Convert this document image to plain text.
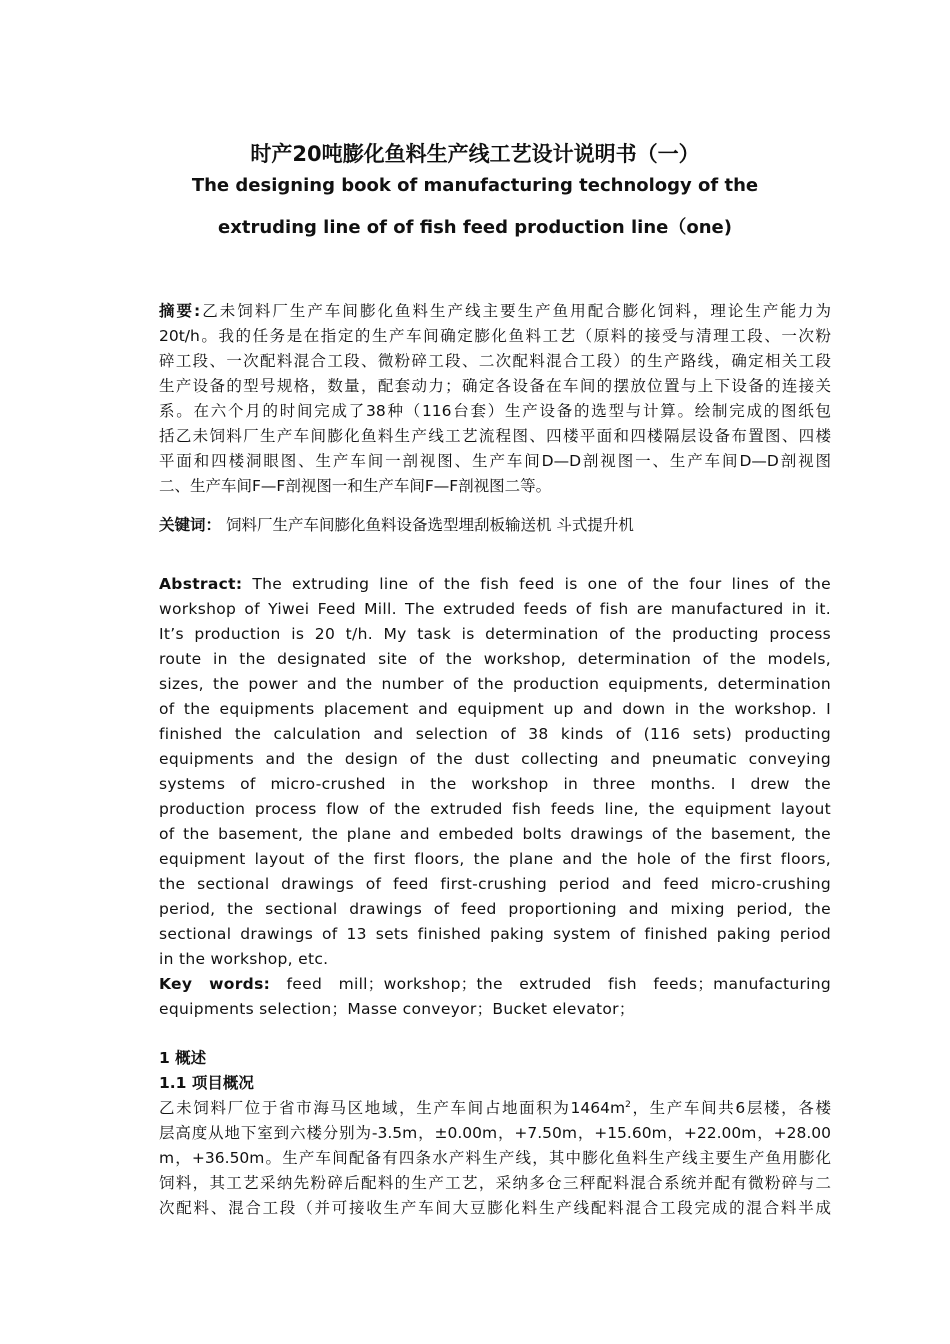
时产20吨膨化鱼料生产线工艺设计说明书（一）
The designing book of manufacturing technology of the
extruding line of of fish feed production line（one)
摘要:乙未饲料厂生产车间膨化鱼料生产线主要生产鱼用配合膨化饲料，理论生产能力为
20t/h。我的任务是在指定的生产车间确定膨化鱼料工艺（原料的接受与清理工段、一次粉
碎工段、一次配料混合工段、微粉碎工段、二次配料混合工段）的生产路线，确定相关工段
生产设备的型号规格，数量，配套动力；确定各设备在车间的摆放位置与上下设备的连接关
系。在六个月的时间完成了38种（116台套）生产设备的选型与计算。绘制完成的图纸包
括乙未饲料厂生产车间膨化鱼料生产线工艺流程图、四楼平面和四楼隔层设备布置图、四楼
平面和四楼洞眼图、生产车间一剖视图、生产车间D—D剖视图一、生产车间D—D剖视图
二、生产车间F—F剖视图一和生产车间F—F剖视图二等。
关键词： 饲料厂生产车间膨化鱼料设备选型埋刮板输送机 斗式提升机
Abstract: The extruding line of the fish feed is one of the four lines of the
workshop of Yiwei Feed Mill. The extruded feeds of fish are manufactured in it.
It’s production is 20 t/h. My task is determination of the producting process
route in the designated site of the workshop, determination of the models,
sizes, the power and the number of the production equipments, determination
of the equipments placement and equipment up and down in the workshop. I
finished the calculation and selection of 38 kinds of (116 sets) producting
equipments and the design of the dust collecting and pneumatic conveying
systems of micro-crushed in the workshop in three months. I drew the
production process flow of the extruded fish feeds line, the equipment layout
of the basement, the plane and embeded bolts drawings of the basement, the
equipment layout of the first floors, the plane and the hole of the first floors,
the sectional drawings of feed first-crushing period and feed micro-crushing
period, the sectional drawings of feed proportioning and mixing period, the
sectional drawings of 13 sets finished paking system of finished paking period
in the workshop, etc.
Key words: feed mill；workshop；the extruded fish feeds；manufacturing
equipments selection；Masse conveyor；Bucket elevator；
1 概述
1.1 项目概况
乙未饲料厂位于省市海马区地域，生产车间占地面积为$1464m^2$，生产车间共6层楼，各楼
层高度从地下室到六楼分别为-3.5m，±0.00m，+7.50m，+15.60m，+22.00m，+28.00
m，+36.50m。生产车间配备有四条水产料生产线，其中膨化鱼料生产线主要生产鱼用膨化
饲料，其工艺采纳先粉碎后配料的生产工艺，采纳多仓三秤配料混合系统并配有微粉碎与二
次配料、混合工段（并可接收生产车间大豆膨化料生产线配料混合工段完成的混合料半成
